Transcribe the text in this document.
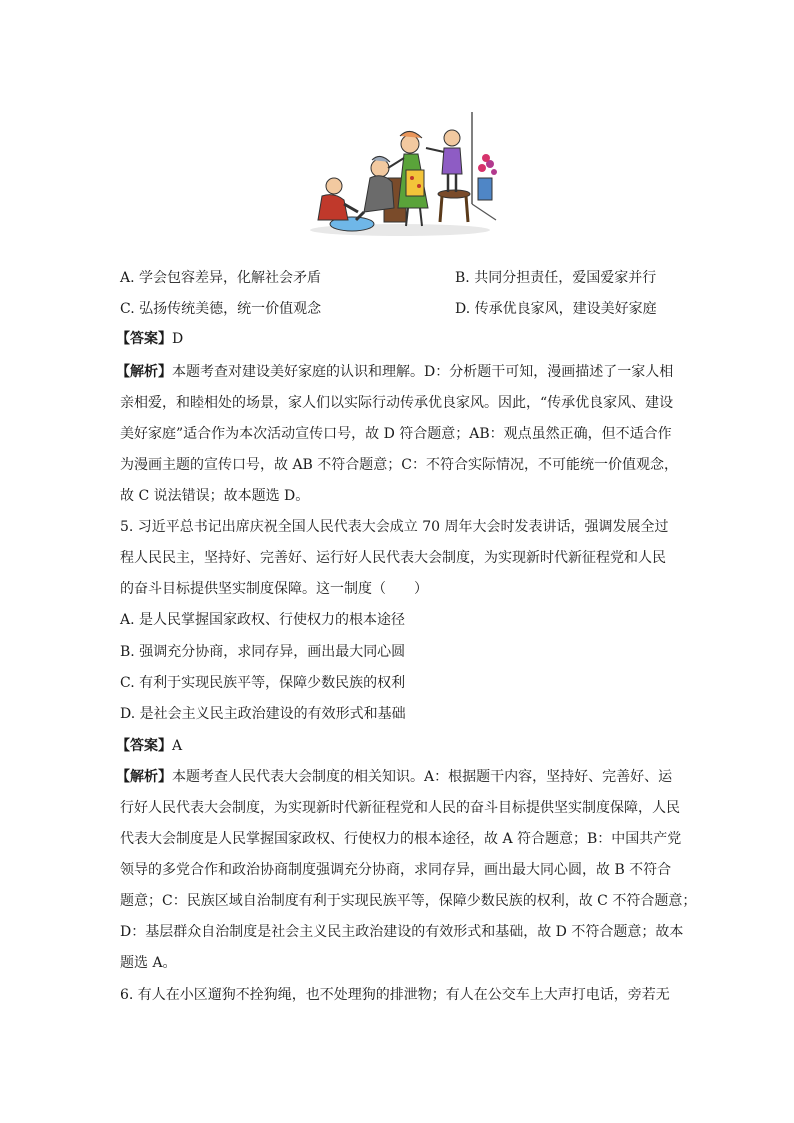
A. 学会包容差异，化解社会矛盾	B. 共同分担责任，爱国爱家并行
C. 弘扬传统美德，统一价值观念	D. 传承优良家风，建设美好家庭
【答案】D
【解析】本题考查对建设美好家庭的认识和理解。D：分析题干可知，漫画描述了一家人相
亲相爱，和睦相处的场景，家人们以实际行动传承优良家风。因此，“传承优良家风、建设
美好家庭”适合作为本次活动宣传口号，故 D 符合题意；AB：观点虽然正确，但不适合作
为漫画主题的宣传口号，故 AB 不符合题意；C：不符合实际情况，不可能统一价值观念，
故 C 说法错误；故本题选 D。
5. 习近平总书记出席庆祝全国人民代表大会成立 70 周年大会时发表讲话，强调发展全过
程人民民主，坚持好、完善好、运行好人民代表大会制度，为实现新时代新征程党和人民
的奋斗目标提供坚实制度保障。这一制度（　　）
A. 是人民掌握国家政权、行使权力的根本途径
B. 强调充分协商，求同存异，画出最大同心圆
C. 有利于实现民族平等，保障少数民族的权利
D. 是社会主义民主政治建设的有效形式和基础
【答案】A
【解析】本题考查人民代表大会制度的相关知识。A：根据题干内容，坚持好、完善好、运
行好人民代表大会制度，为实现新时代新征程党和人民的奋斗目标提供坚实制度保障，人民
代表大会制度是人民掌握国家政权、行使权力的根本途径，故 A 符合题意；B：中国共产党
领导的多党合作和政治协商制度强调充分协商，求同存异，画出最大同心圆，故 B 不符合
题意；C：民族区域自治制度有利于实现民族平等，保障少数民族的权利，故 C 不符合题意；
D：基层群众自治制度是社会主义民主政治建设的有效形式和基础，故 D 不符合题意；故本
题选 A。
6. 有人在小区遛狗不拴狗绳，也不处理狗的排泄物；有人在公交车上大声打电话，旁若无
